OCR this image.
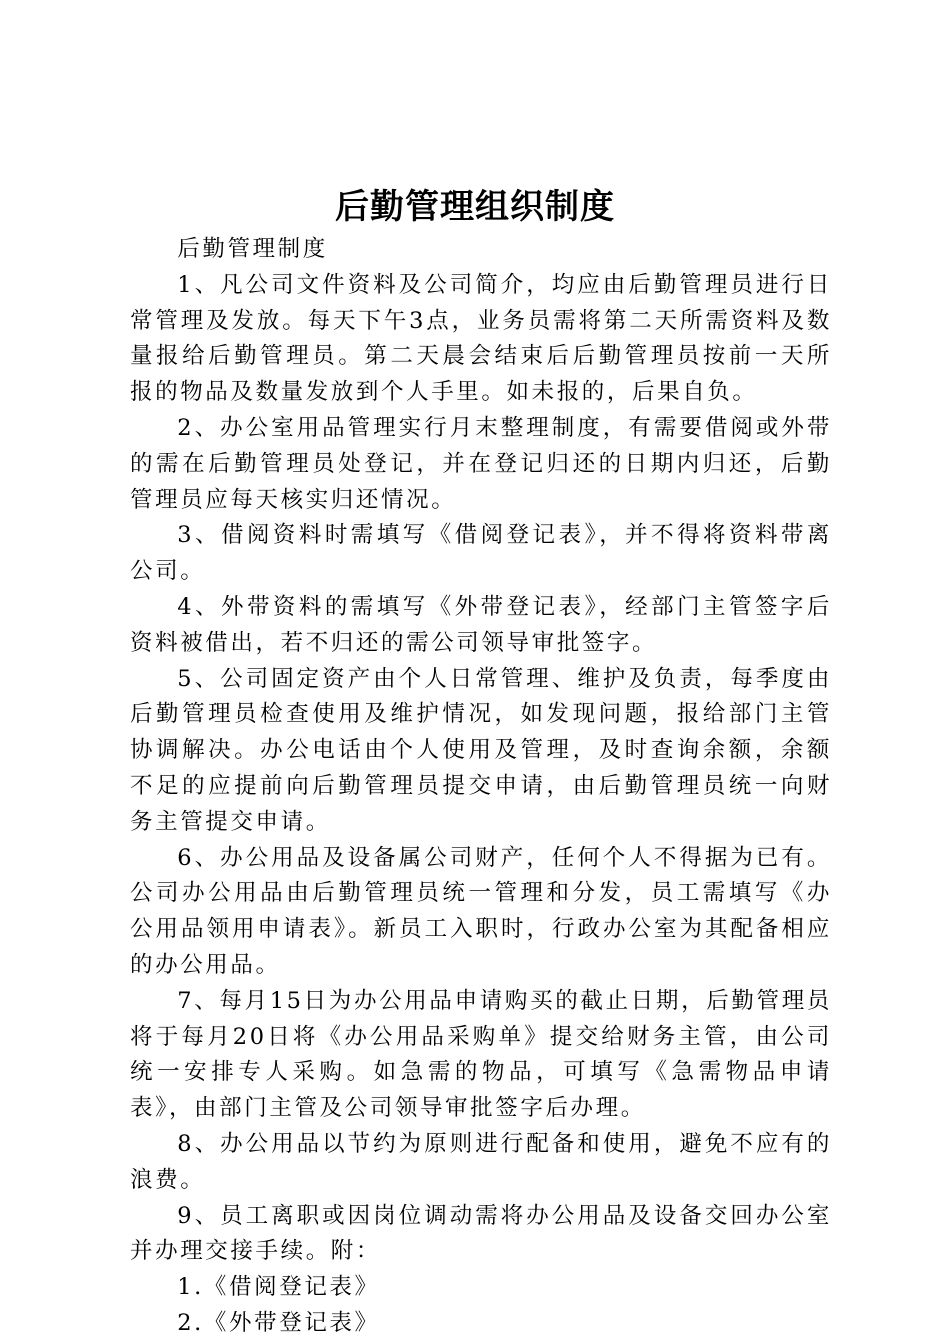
后勤管理组织制度

后勤管理制度

1、凡公司文件资料及公司简介，均应由后勤管理员进行日常管理及发放。每天下午3点，业务员需将第二天所需资料及数量报给后勤管理员。第二天晨会结束后后勤管理员按前一天所报的物品及数量发放到个人手里。如未报的，后果自负。

2、办公室用品管理实行月末整理制度，有需要借阅或外带的需在后勤管理员处登记，并在登记归还的日期内归还，后勤管理员应每天核实归还情况。

3、借阅资料时需填写《借阅登记表》，并不得将资料带离公司。

4、外带资料的需填写《外带登记表》，经部门主管签字后资料被借出，若不归还的需公司领导审批签字。

5、公司固定资产由个人日常管理、维护及负责，每季度由后勤管理员检查使用及维护情况，如发现问题，报给部门主管协调解决。办公电话由个人使用及管理，及时查询余额，余额不足的应提前向后勤管理员提交申请，由后勤管理员统一向财务主管提交申请。

6、办公用品及设备属公司财产，任何个人不得据为已有。公司办公用品由后勤管理员统一管理和分发，员工需填写《办公用品领用申请表》。新员工入职时，行政办公室为其配备相应的办公用品。

7、每月15日为办公用品申请购买的截止日期，后勤管理员将于每月20日将《办公用品采购单》提交给财务主管，由公司统一安排专人采购。如急需的物品，可填写《急需物品申请表》，由部门主管及公司领导审批签字后办理。

8、办公用品以节约为原则进行配备和使用，避免不应有的浪费。

9、员工离职或因岗位调动需将办公用品及设备交回办公室并办理交接手续。附：

1.《借阅登记表》

2.《外带登记表》
